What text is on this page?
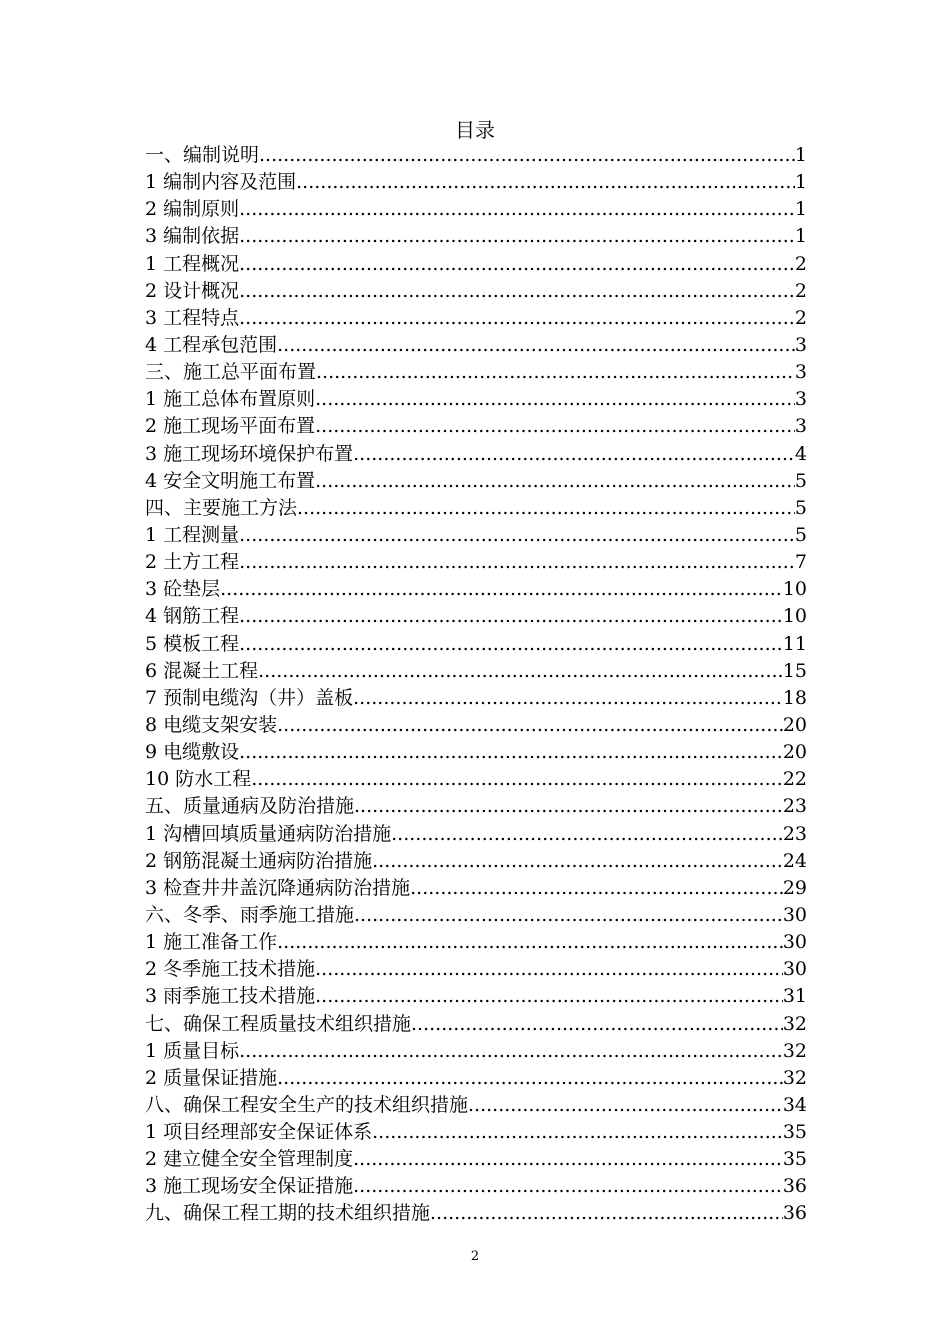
目录
一、编制说明 .....	1
1 编制内容及范围 .....	1
2 编制原则 .....	1
3 编制依据 .....	1
1 工程概况 .....	2
2 设计概况 .....	2
3 工程特点 .....	2
4 工程承包范围 .....	3
三、施工总平面布置 .....	3
1 施工总体布置原则 .....	3
2 施工现场平面布置 .....	3
3 施工现场环境保护布置 .....	4
4 安全文明施工布置 .....	5
四、主要施工方法 .....	5
1 工程测量 .....	5
2 土方工程 .....	7
3 砼垫层 .....	10
4 钢筋工程 .....	10
5 模板工程 .....	11
6 混凝土工程 .....	15
7 预制电缆沟（井）盖板 .....	18
8 电缆支架安装 .....	20
9 电缆敷设 .....	20
10 防水工程 .....	22
五、质量通病及防治措施 .....	23
1 沟槽回填质量通病防治措施 .....	23
2 钢筋混凝土通病防治措施 .....	24
3 检查井井盖沉降通病防治措施 .....	29
六、冬季、雨季施工措施 .....	30
1 施工准备工作 .....	30
2 冬季施工技术措施 .....	30
3 雨季施工技术措施 .....	31
七、确保工程质量技术组织措施 .....	32
1 质量目标 .....	32
2 质量保证措施 .....	32
八、确保工程安全生产的技术组织措施 .....	34
1 项目经理部安全保证体系 .....	35
2 建立健全安全管理制度 .....	35
3 施工现场安全保证措施 .....	36
九、确保工程工期的技术组织措施 .....	36
2
